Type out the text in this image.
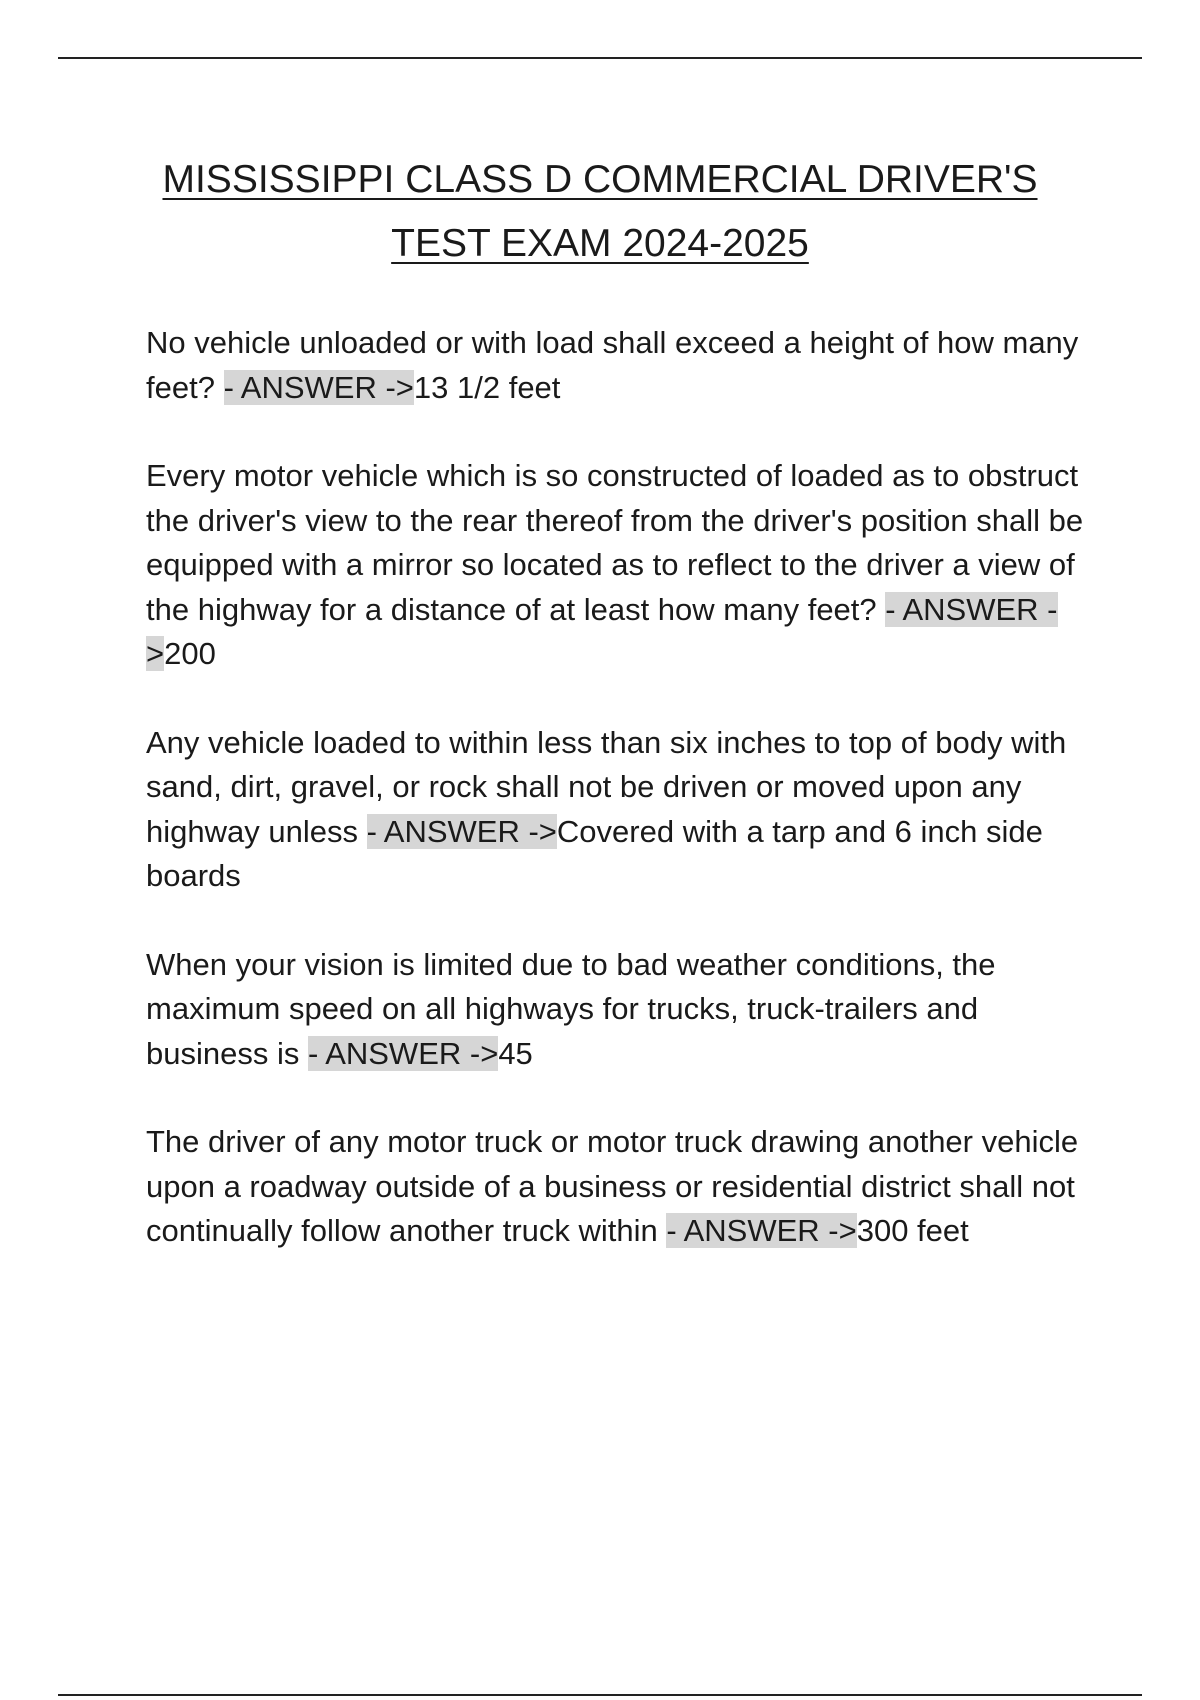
MISSISSIPPI CLASS D COMMERCIAL DRIVER'S
TEST EXAM 2024-2025

No vehicle unloaded or with load shall exceed a height of how many feet? - ANSWER ->13 1/2 feet

Every motor vehicle which is so constructed of loaded as to obstruct the driver's view to the rear thereof from the driver's position shall be equipped with a mirror so located as to reflect to the driver a view of the highway for a distance of at least how many feet? - ANSWER ->200

Any vehicle loaded to within less than six inches to top of body with sand, dirt, gravel, or rock shall not be driven or moved upon any highway unless - ANSWER ->Covered with a tarp and 6 inch side boards

When your vision is limited due to bad weather conditions, the maximum speed on all highways for trucks, truck-trailers and business is - ANSWER ->45

The driver of any motor truck or motor truck drawing another vehicle upon a roadway outside of a business or residential district shall not continually follow another truck within - ANSWER ->300 feet
